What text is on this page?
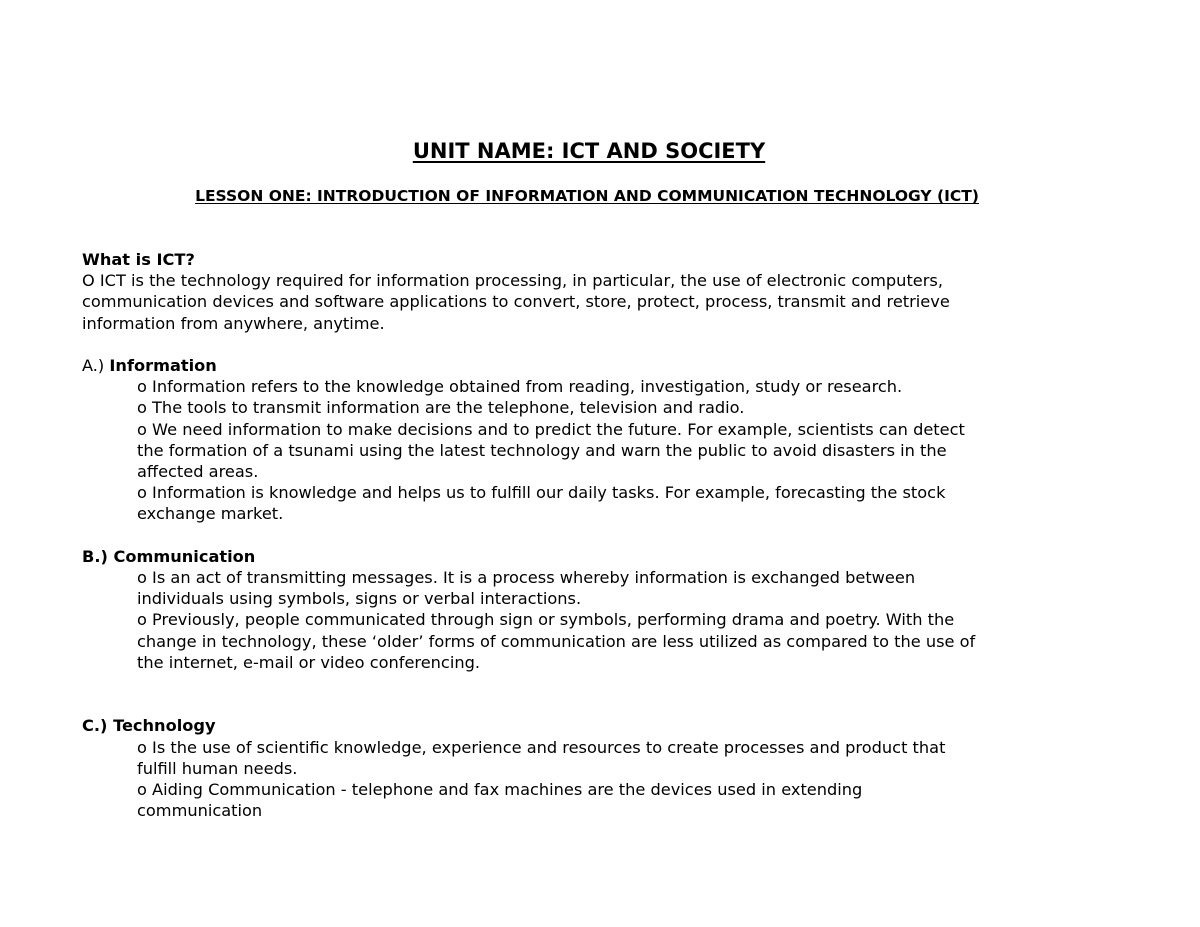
UNIT NAME: ICT AND SOCIETY
LESSON ONE: INTRODUCTION OF INFORMATION AND COMMUNICATION TECHNOLOGY (ICT)
What is ICT?
O ICT is the technology required for information processing, in particular, the use of electronic computers,
communication devices and software applications to convert, store, protect, process, transmit and retrieve
information from anywhere, anytime.
A.) Information
o Information refers to the knowledge obtained from reading, investigation, study or research.
o The tools to transmit information are the telephone, television and radio.
o We need information to make decisions and to predict the future. For example, scientists can detect
the formation of a tsunami using the latest technology and warn the public to avoid disasters in the
affected areas.
o Information is knowledge and helps us to fulfill our daily tasks. For example, forecasting the stock
exchange market.
B.) Communication
o Is an act of transmitting messages. It is a process whereby information is exchanged between
individuals using symbols, signs or verbal interactions.
o Previously, people communicated through sign or symbols, performing drama and poetry. With the
change in technology, these ‘older’ forms of communication are less utilized as compared to the use of
the internet, e-mail or video conferencing.
C.) Technology
o Is the use of scientific knowledge, experience and resources to create processes and product that
fulfill human needs.
o Aiding Communication - telephone and fax machines are the devices used in extending
communication
